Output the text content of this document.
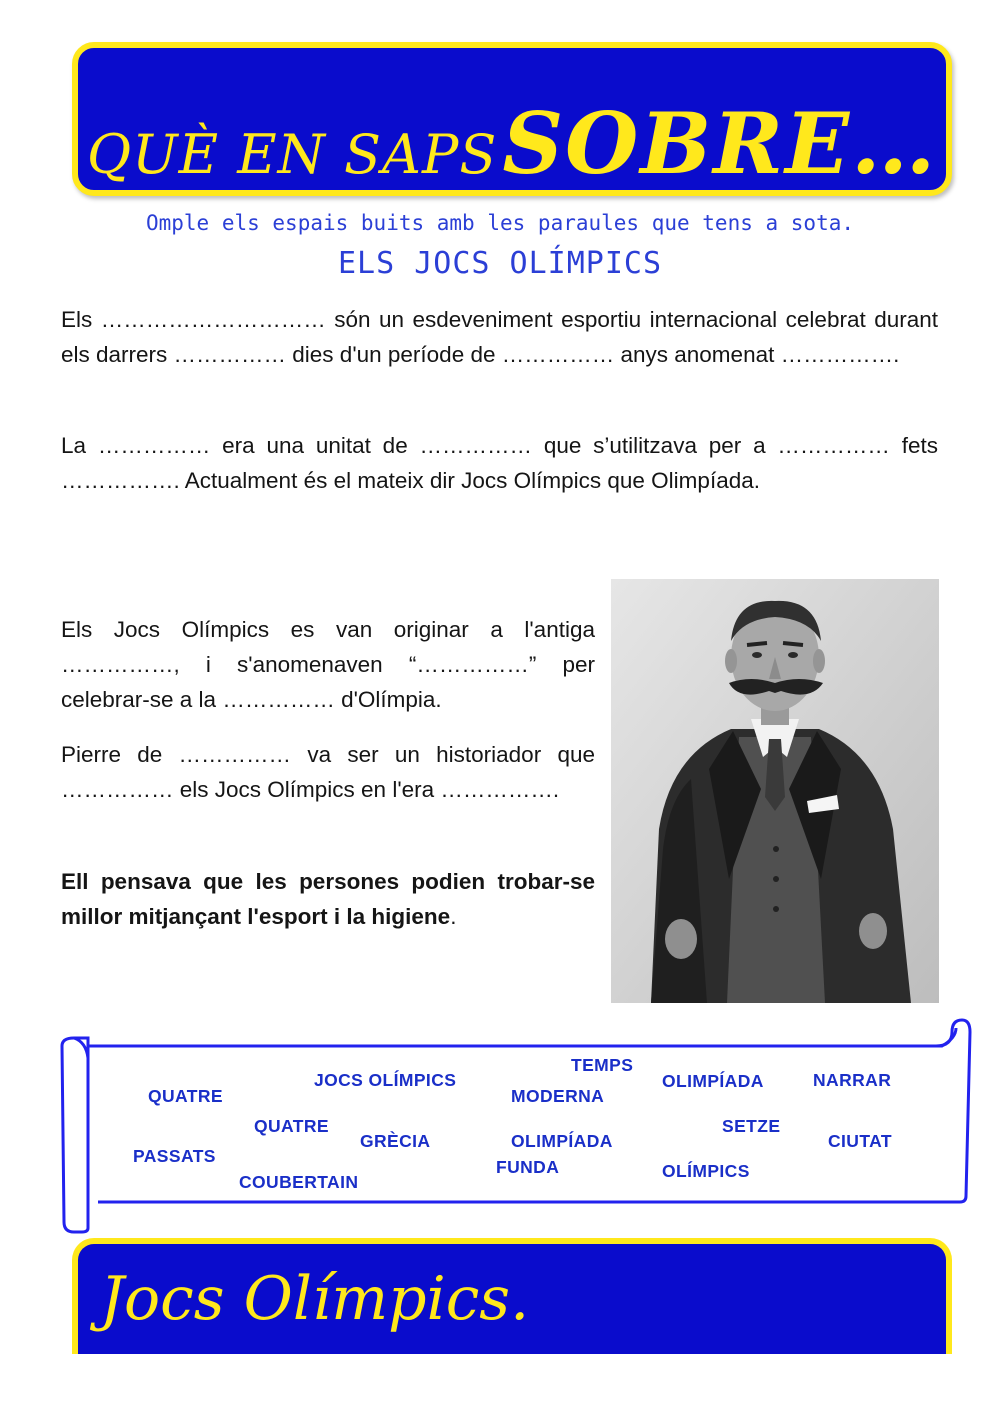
QUÈ EN SAPS SOBRE…
Omple els espais buits amb les paraules que tens a sota.
ELS JOCS OLÍMPICS

Els ………………………… són un esdeveniment esportiu internacional celebrat durant els darrers …………… dies d'un període de …………… anys anomenat …………….

La …………… era una unitat de …………… que s’utilitzava per a …………… fets ……………. Actualment és el mateix dir Jocs Olímpics que Olimpíada.

Els Jocs Olímpics es van originar a l'antiga ……………, i s'anomenaven “……………” per celebrar-se a la …………… d'Olímpia.

Pierre de …………… va ser un historiador que …………… els Jocs Olímpics en l'era …………….

Ell pensava que les persones podien trobar-se millor mitjançant l'esport i la higiene.

TEMPS
JOCS OLÍMPICS	OLIMPÍADA	NARRAR
QUATRE	MODERNA
QUATRE	SETZE
GRÈCIA	OLIMPÍADA	CIUTAT
PASSATS
FUNDA	OLÍMPICS
COUBERTAIN
Jocs Olímpics.
